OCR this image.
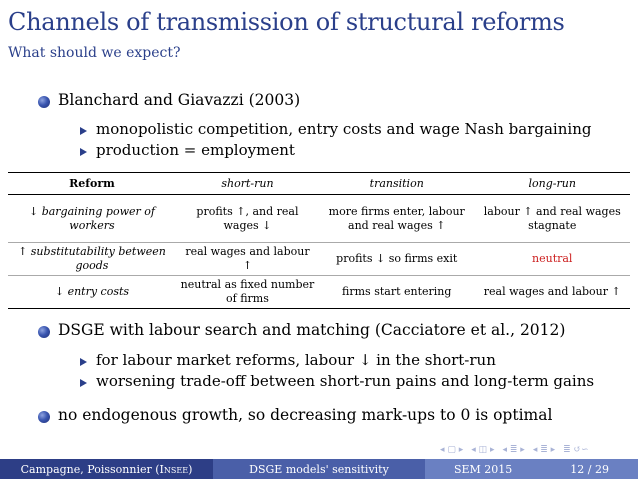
Channels of transmission of structural reforms
What should we expect?
Blanchard and Giavazzi (2003)
monopolistic competition, entry costs and wage Nash bargaining
production = employment
Reform	short-run	transition	long-run
↓ bargaining power of workers	profits ↑, and real wages ↓	more firms enter, labour and real wages ↑	labour ↑ and real wages stagnate
↑ substitutability between goods	real wages and labour ↑	profits ↓ so firms exit	neutral
↓ entry costs	neutral as fixed number of firms	firms start entering	real wages and labour ↑
DSGE with labour search and matching (Cacciatore et al., 2012)
for labour market reforms, labour ↓ in the short-run
worsening trade-off between short-run pains and long-term gains
no endogenous growth, so decreasing mark-ups to 0 is optimal
◂ ▢ ▸ ◂ ◫ ▸ ◂ ≣ ▸ ◂ ≣ ▸ ≣ ↺∽
Campagne, Poissonnier ( Insee )	DSGE models' sensitivity	SEM 2015	12 / 29
